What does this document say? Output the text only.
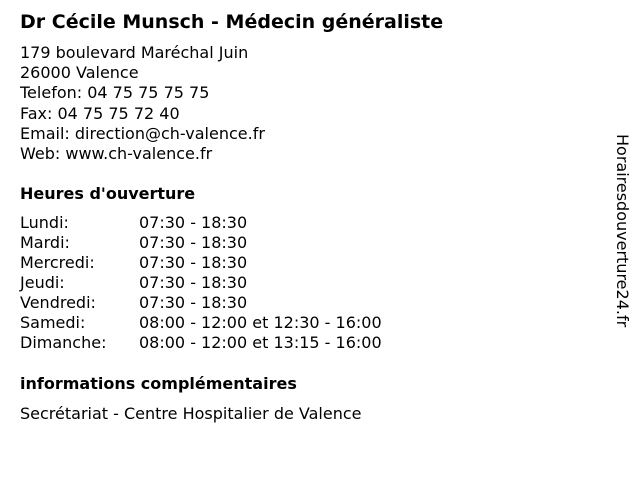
Dr Cécile Munsch - Médecin généraliste
179 boulevard Maréchal Juin
26000 Valence
Telefon: 04 75 75 75 75
Fax: 04 75 75 72 40
Email: direction@ch-valence.fr
Web: www.ch-valence.fr
Heures d'ouverture
Lundi:	07:30 - 18:30
Mardi:	07:30 - 18:30
Mercredi:	07:30 - 18:30
Jeudi:	07:30 - 18:30
Vendredi:	07:30 - 18:30
Samedi:	08:00 - 12:00 et 12:30 - 16:00
Dimanche:	08:00 - 12:00 et 13:15 - 16:00
informations complémentaires
Secrétariat - Centre Hospitalier de Valence
Horairesdouverture24.fr
